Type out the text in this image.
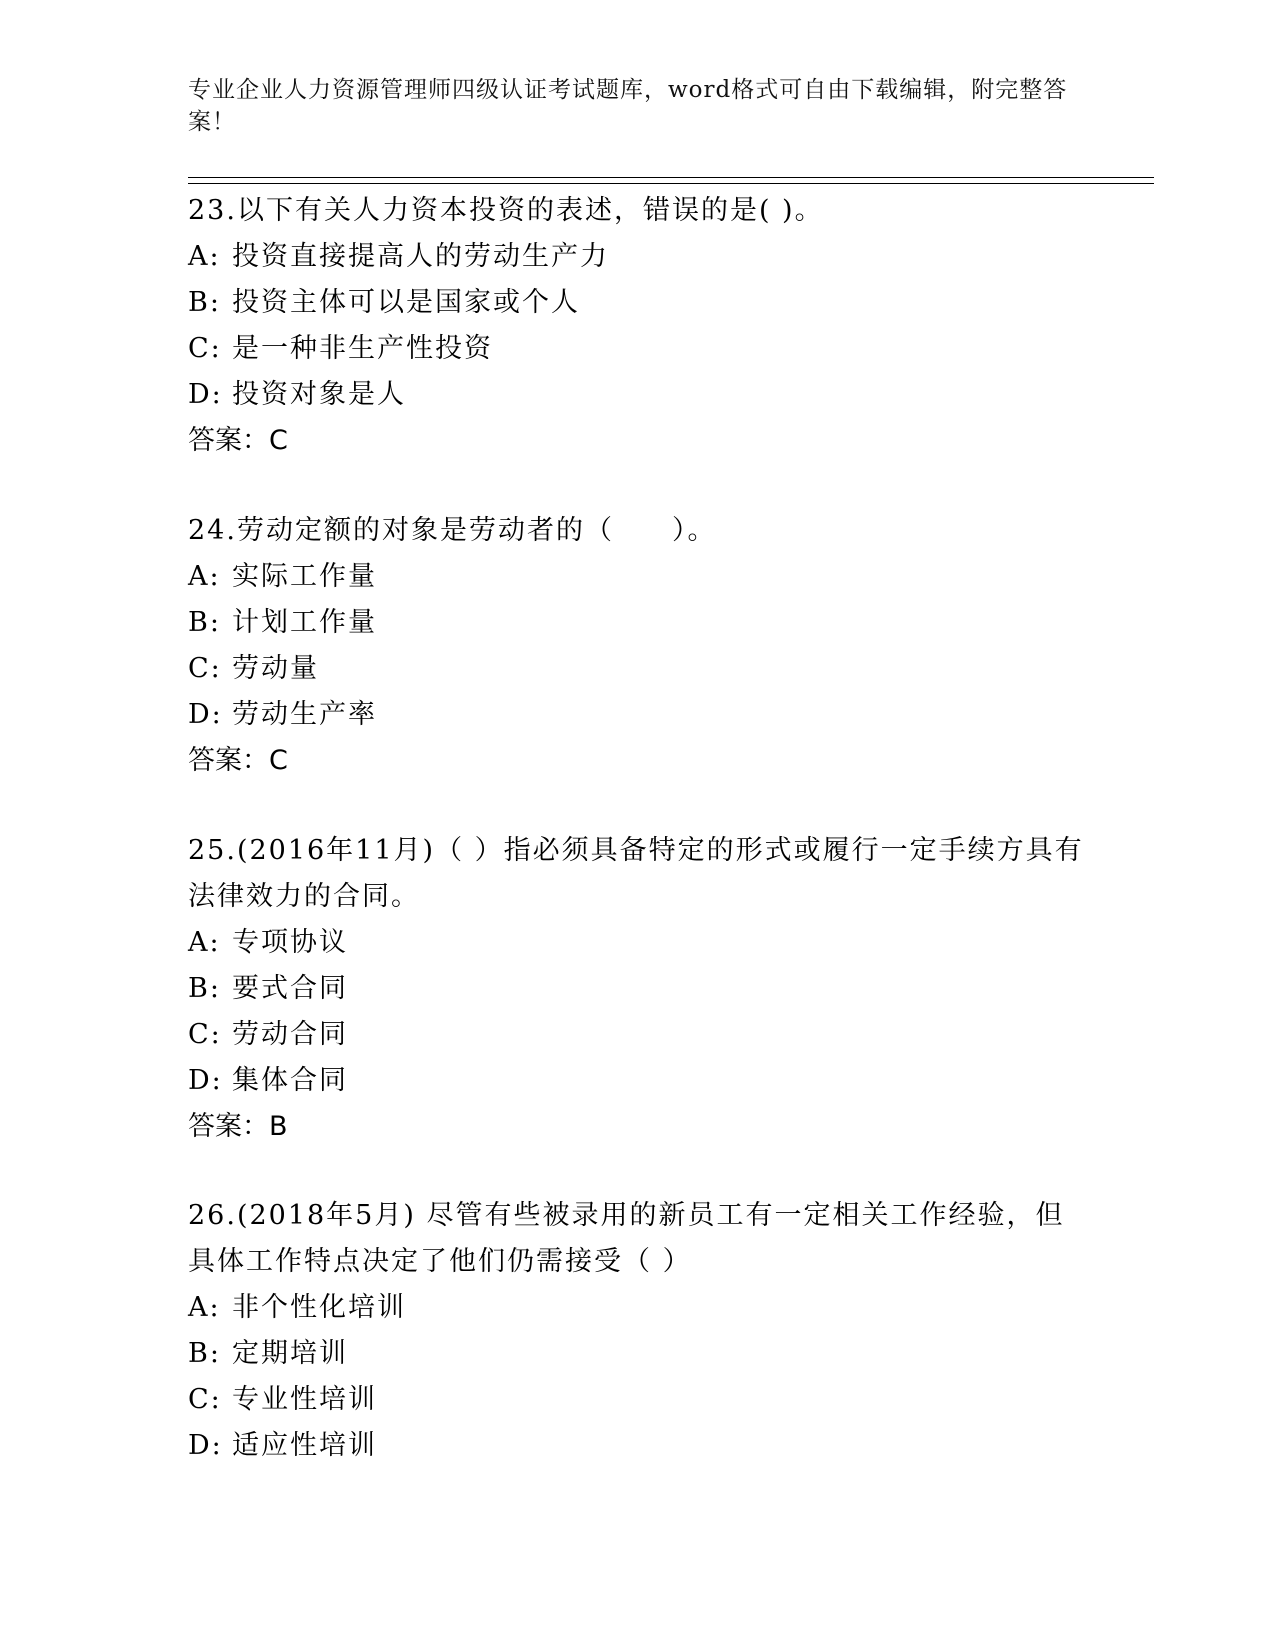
专业企业人力资源管理师四级认证考试题库，word格式可自由下载编辑，附完整答案！

23.以下有关人力资本投资的表述，错误的是( )。

A: 投资直接提高人的劳动生产力

B: 投资主体可以是国家或个人

C: 是一种非生产性投资

D: 投资对象是人

答案：C

24.劳动定额的对象是劳动者的（　　）。

A: 实际工作量

B: 计划工作量

C: 劳动量

D: 劳动生产率

答案：C

25.(2016年11月)（ ）指必须具备特定的形式或履行一定手续方具有法律效力的合同。

A: 专项协议

B: 要式合同

C: 劳动合同

D: 集体合同

答案：B

26.(2018年5月) 尽管有些被录用的新员工有一定相关工作经验，但具体工作特点决定了他们仍需接受（ ）

A: 非个性化培训

B: 定期培训

C: 专业性培训

D: 适应性培训
